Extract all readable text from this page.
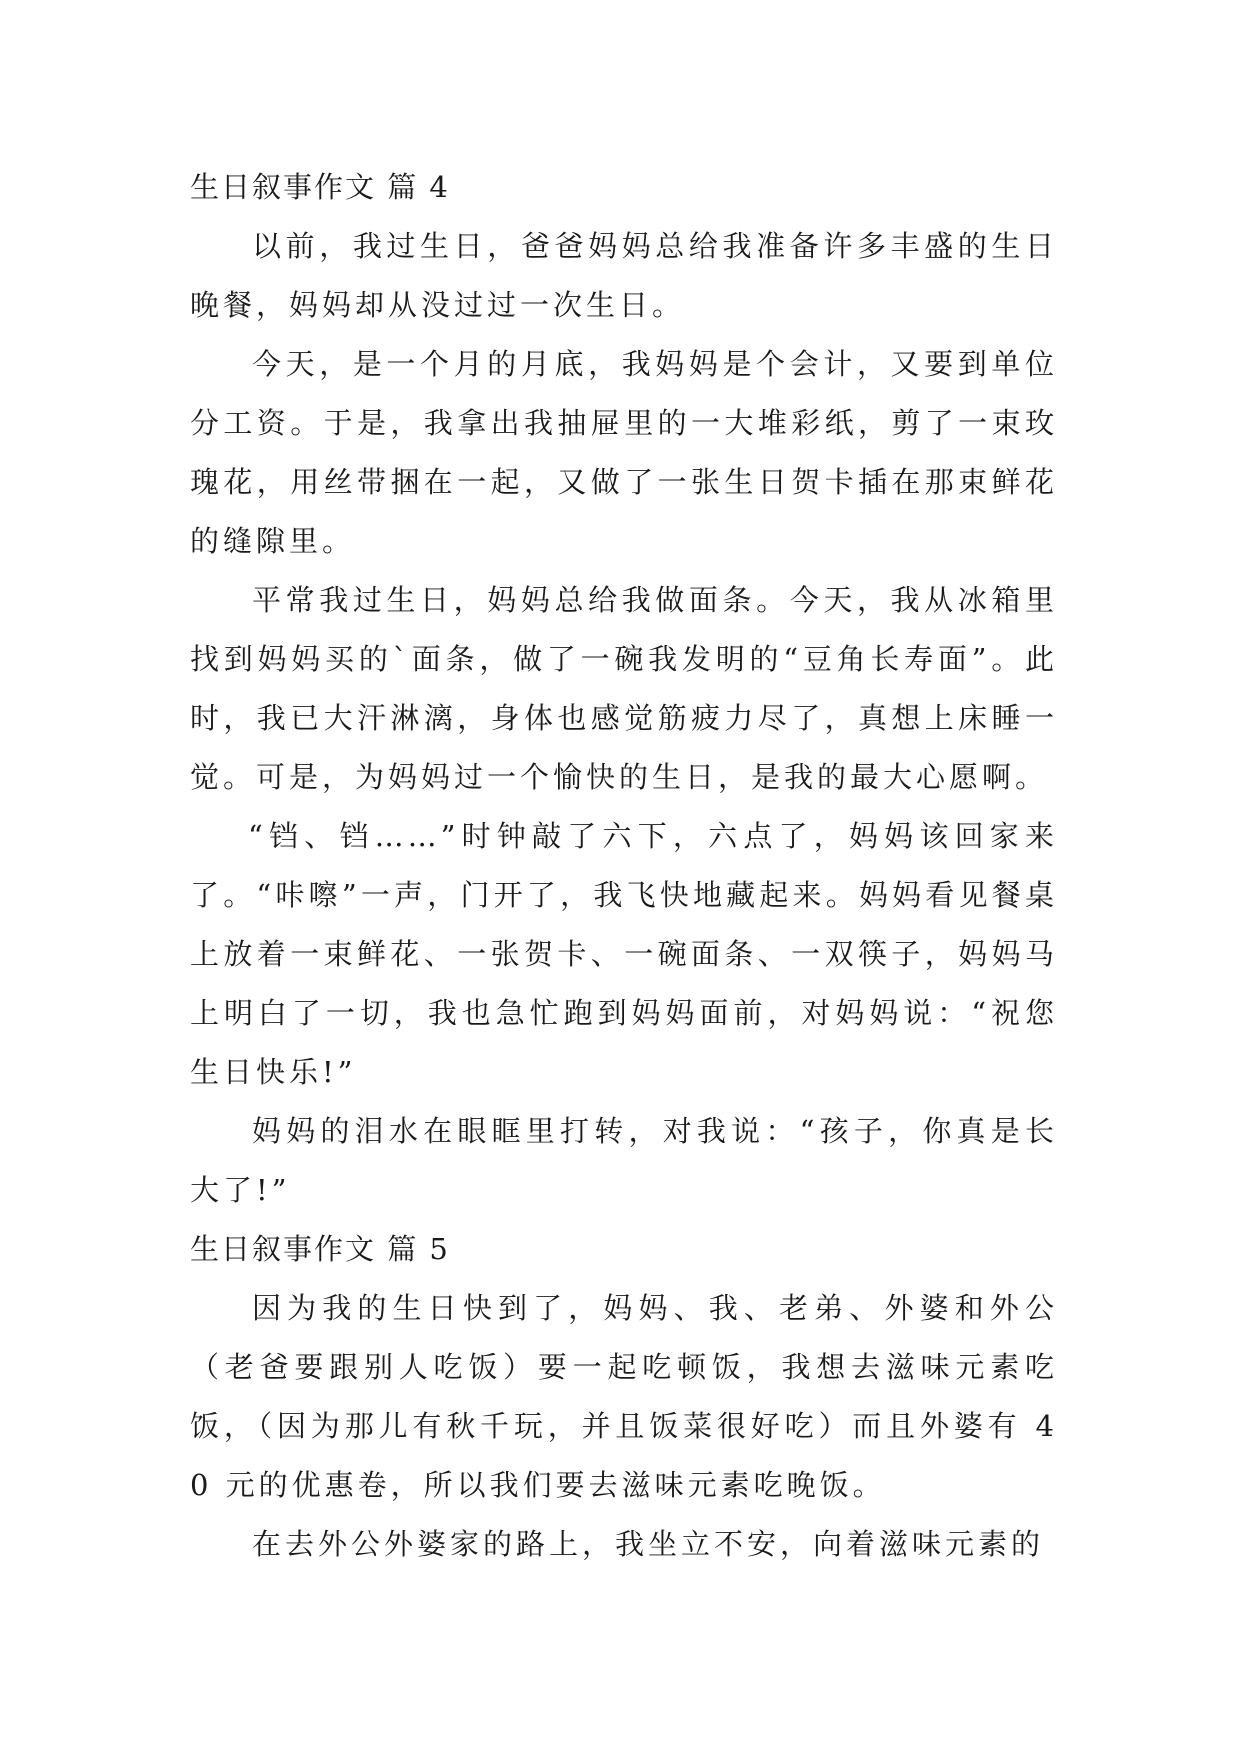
生日叙事作文 篇 4

以前，我过生日，爸爸妈妈总给我准备许多丰盛的生日晚餐，妈妈却从没过过一次生日。

今天，是一个月的月底，我妈妈是个会计，又要到单位分工资。于是，我拿出我抽屉里的一大堆彩纸，剪了一束玫瑰花，用丝带捆在一起，又做了一张生日贺卡插在那束鲜花的缝隙里。

平常我过生日，妈妈总给我做面条。今天，我从冰箱里找到妈妈买的`面条，做了一碗我发明的“豆角长寿面”。此时，我已大汗淋漓，身体也感觉筋疲力尽了，真想上床睡一觉。可是，为妈妈过一个愉快的生日，是我的最大心愿啊。

“铛、铛……”时钟敲了六下，六点了，妈妈该回家来了。“咔嚓”一声，门开了，我飞快地藏起来。妈妈看见餐桌上放着一束鲜花、一张贺卡、一碗面条、一双筷子，妈妈马上明白了一切，我也急忙跑到妈妈面前，对妈妈说：“祝您生日快乐!”

妈妈的泪水在眼眶里打转，对我说：“孩子，你真是长大了!”

生日叙事作文 篇 5

因为我的生日快到了，妈妈、我、老弟、外婆和外公（老爸要跟别人吃饭）要一起吃顿饭，我想去滋味元素吃饭，（因为那儿有秋千玩，并且饭菜很好吃）而且外婆有 40 元的优惠卷，所以我们要去滋味元素吃晚饭。

在去外公外婆家的路上，我坐立不安，向着滋味元素的
